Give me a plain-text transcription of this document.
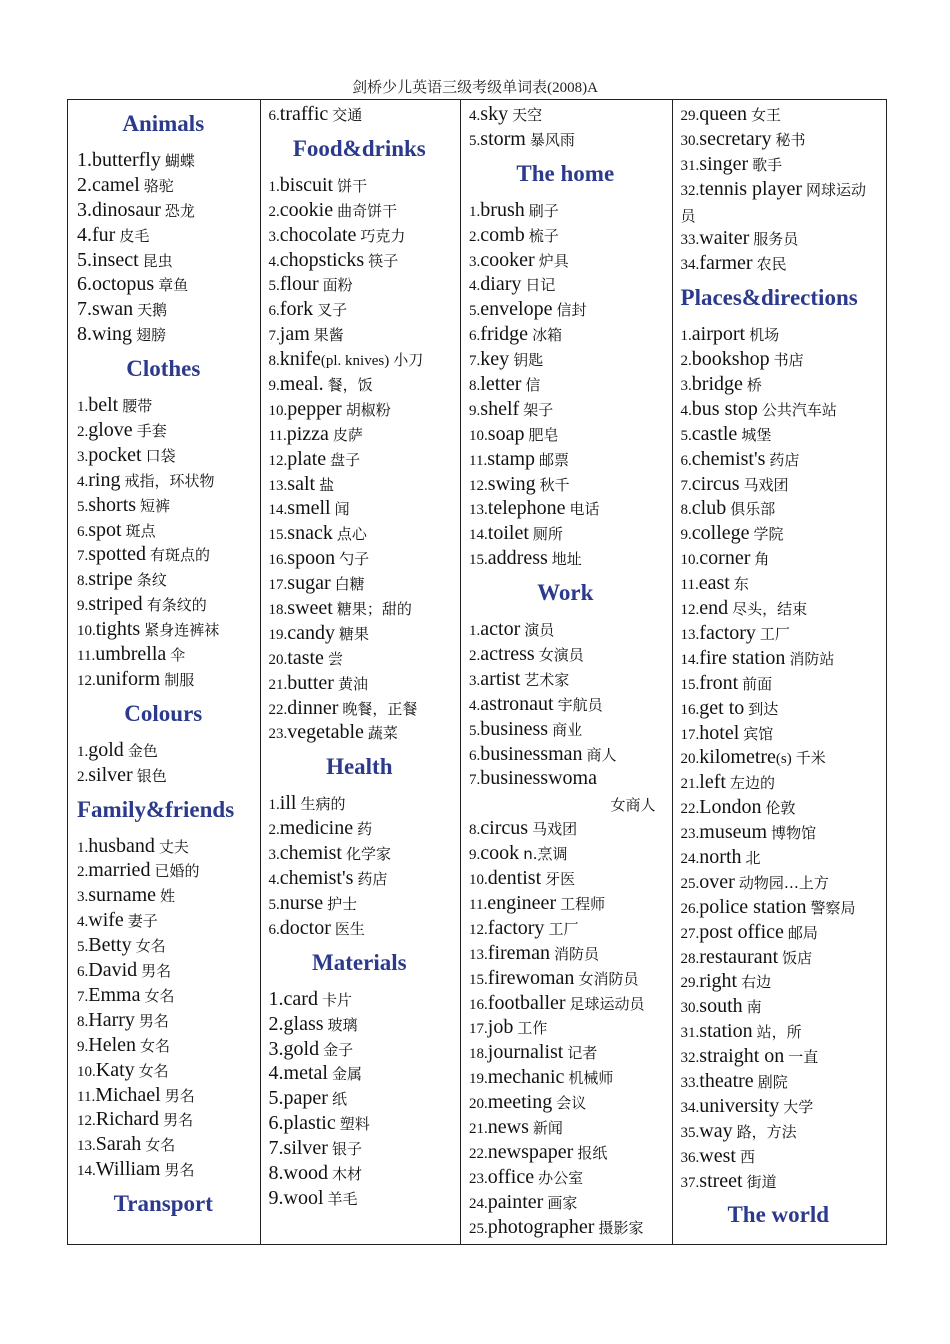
剑桥少儿英语三级考级单词表(2008)A
Animals
1.butterfly 蝴蝶
2.camel 骆驼
3.dinosaur 恐龙
4.fur 皮毛
5.insect 昆虫
6.octopus 章鱼
7.swan 天鹅
8.wing 翅膀
Clothes
1.belt 腰带
2.glove 手套
3.pocket 口袋
4.ring 戒指，环状物
5.shorts 短裤
6.spot 斑点
7.spotted 有斑点的
8.stripe 条纹
9.striped 有条纹的
10.tights 紧身连裤袜
11.umbrella 伞
12.uniform 制服
Colours
1.gold 金色
2.silver 银色
Family&friends
1.husband 丈夫
2.married 已婚的
3.surname 姓
4.wife 妻子
5.Betty 女名
6.David 男名
7.Emma 女名
8.Harry 男名
9.Helen 女名
10.Katy 女名
11.Michael 男名
12.Richard 男名
13.Sarah 女名
14.William 男名
Transport
6.traffic 交通
Food&drinks
1.biscuit 饼干
2.cookie 曲奇饼干
3.chocolate 巧克力
4.chopsticks 筷子
5.flour 面粉
6.fork 叉子
7.jam 果酱
8.knife(pl. knives) 小刀
9.meal. 餐，饭
10.pepper 胡椒粉
11.pizza 皮萨
12.plate 盘子
13.salt 盐
14.smell 闻
15.snack 点心
16.spoon 勺子
17.sugar 白糖
18.sweet 糖果；甜的
19.candy 糖果
20.taste 尝
21.butter 黄油
22.dinner 晚餐，正餐
23.vegetable 蔬菜
Health
1.ill 生病的
2.medicine 药
3.chemist 化学家
4.chemist's 药店
5.nurse 护士
6.doctor 医生
Materials
1.card 卡片
2.glass 玻璃
3.gold 金子
4.metal 金属
5.paper 纸
6.plastic 塑料
7.silver 银子
8.wood 木材
9.wool 羊毛
4.sky 天空
5.storm 暴风雨
The home
1.brush 刷子
2.comb 梳子
3.cooker 炉具
4.diary 日记
5.envelope 信封
6.fridge 冰箱
7.key 钥匙
8.letter 信
9.shelf 架子
10.soap 肥皂
11.stamp 邮票
12.swing 秋千
13.telephone 电话
14.toilet 厕所
15.address 地址
Work
1.actor 演员
2.actress 女演员
3.artist 艺术家
4.astronaut 宇航员
5.business 商业
6.businessman 商人
7.businesswoma
女商人
8.circus 马戏团
9.cook n.烹调
10.dentist 牙医
11.engineer 工程师
12.factory 工厂
13.fireman 消防员
15.firewoman 女消防员
16.footballer 足球运动员
17.job 工作
18.journalist 记者
19.mechanic 机械师
20.meeting 会议
21.news 新闻
22.newspaper 报纸
23.office 办公室
24.painter 画家
25.photographer 摄影家
29.queen 女王
30.secretary 秘书
31.singer 歌手
32.tennis player 网球运动员
33.waiter 服务员
34.farmer 农民
Places&directions
1.airport 机场
2.bookshop 书店
3.bridge 桥
4.bus stop 公共汽车站
5.castle 城堡
6.chemist's 药店
7.circus 马戏团
8.club 俱乐部
9.college 学院
10.corner 角
11.east 东
12.end 尽头，结束
13.factory 工厂
14.fire station 消防站
15.front 前面
16.get to 到达
17.hotel 宾馆
20.kilometre(s) 千米
21.left 左边的
22.London 伦敦
23.museum 博物馆
24.north 北
25.over 动物园…上方
26.police station 警察局
27.post office 邮局
28.restaurant 饭店
29.right 右边
30.south 南
31.station 站，所
32.straight on 一直
33.theatre 剧院
34.university 大学
35.way 路，方法
36.west 西
37.street 街道
The world
